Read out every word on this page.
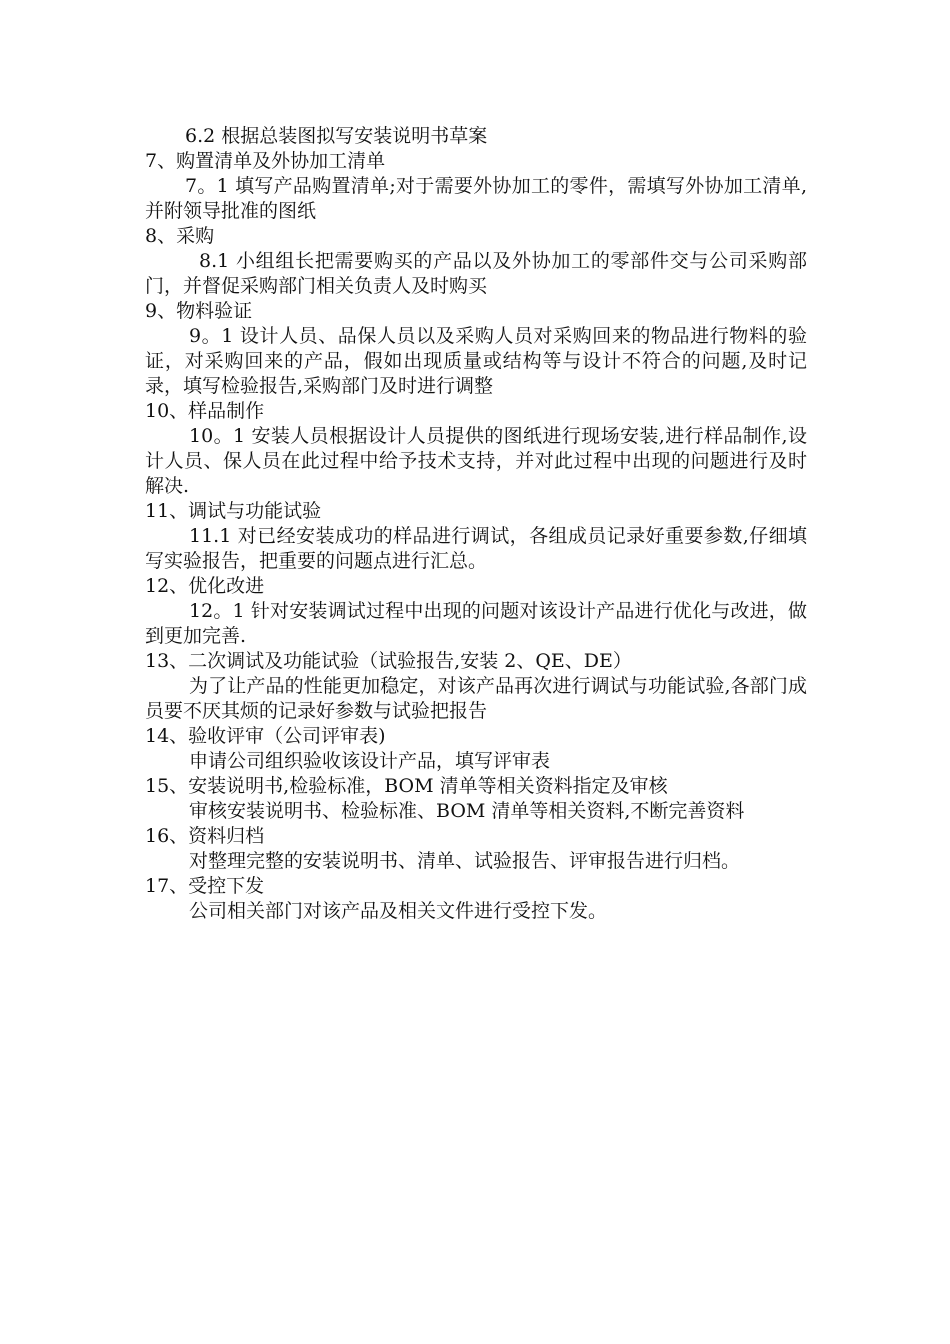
6.2 根据总装图拟写安装说明书草案

7、购置清单及外协加工清单

7。1 填写产品购置清单;对于需要外协加工的零件，需填写外协加工清单,并附领导批准的图纸

8、采购

8.1 小组组长把需要购买的产品以及外协加工的零部件交与公司采购部门，并督促采购部门相关负责人及时购买

9、物料验证

9。1 设计人员、品保人员以及采购人员对采购回来的物品进行物料的验证，对采购回来的产品，假如出现质量或结构等与设计不符合的问题,及时记录，填写检验报告,采购部门及时进行调整

10、样品制作

10。1 安装人员根据设计人员提供的图纸进行现场安装,进行样品制作,设计人员、保人员在此过程中给予技术支持，并对此过程中出现的问题进行及时解决.

11、调试与功能试验

11.1 对已经安装成功的样品进行调试，各组成员记录好重要参数,仔细填写实验报告，把重要的问题点进行汇总。

12、优化改进

12。1 针对安装调试过程中出现的问题对该设计产品进行优化与改进，做到更加完善.

13、二次调试及功能试验（试验报告,安装 2、QE、DE）

为了让产品的性能更加稳定，对该产品再次进行调试与功能试验,各部门成员要不厌其烦的记录好参数与试验把报告

14、验收评审（公司评审表)

申请公司组织验收该设计产品，填写评审表

15、安装说明书,检验标准，BOM 清单等相关资料指定及审核

审核安装说明书、检验标准、BOM 清单等相关资料,不断完善资料

16、资料归档

对整理完整的安装说明书、清单、试验报告、评审报告进行归档。

17、受控下发

公司相关部门对该产品及相关文件进行受控下发。
